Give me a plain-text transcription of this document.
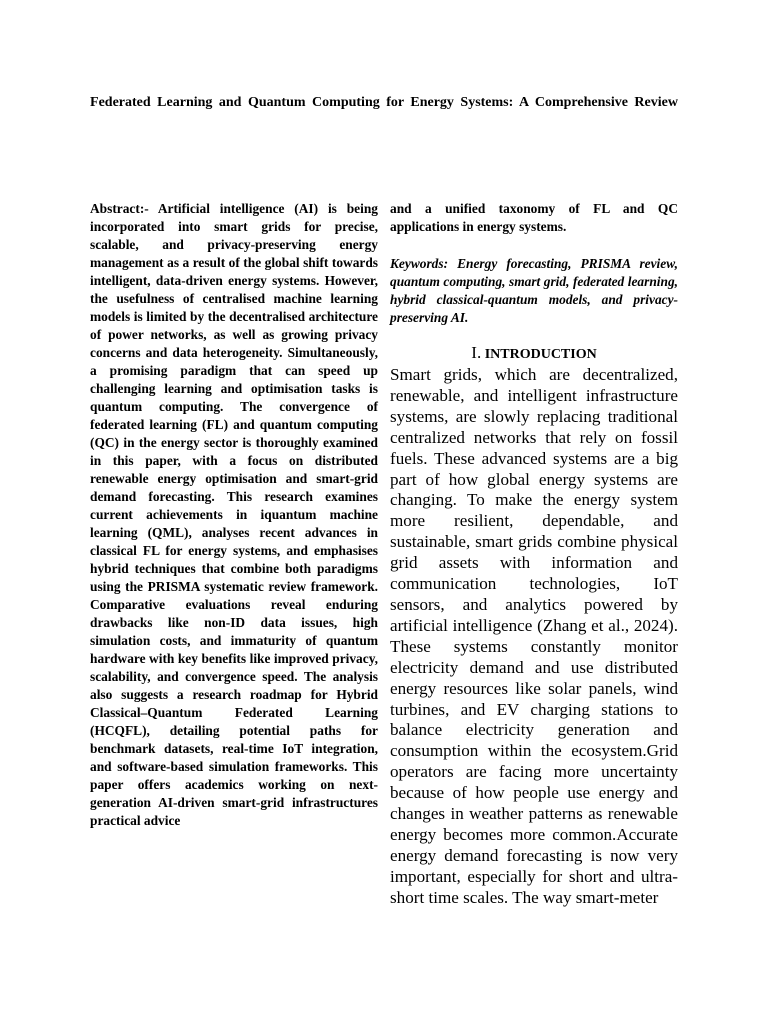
Federated Learning and Quantum Computing for Energy Systems: A Comprehensive Review

Abstract:- Artificial intelligence (AI) is being incorporated into smart grids for precise, scalable, and privacy-preserving energy management as a result of the global shift towards intelligent, data-driven energy systems. However, the usefulness of centralised machine learning models is limited by the decentralised architecture of power networks, as well as growing privacy concerns and data heterogeneity. Simultaneously, a promising paradigm that can speed up challenging learning and optimisation tasks is quantum computing. The convergence of federated learning (FL) and quantum computing (QC) in the energy sector is thoroughly examined in this paper, with a focus on distributed renewable energy optimisation and smart-grid demand forecasting. This research examines current achievements in iquantum machine learning (QML), analyses recent advances in classical FL for energy systems, and emphasises hybrid techniques that combine both paradigms using the PRISMA systematic review framework. Comparative evaluations reveal enduring drawbacks like non-ID data issues, high simulation costs, and immaturity of quantum hardware with key benefits like improved privacy, scalability, and convergence speed. The analysis also suggests a research roadmap for Hybrid Classical–Quantum Federated Learning (HCQFL), detailing potential paths for benchmark datasets, real-time IoT integration, and software-based simulation frameworks. This paper offers academics working on next-generation AI-driven smart-grid infrastructures practical advice

and a unified taxonomy of FL and QC applications in energy systems.

Keywords: Energy forecasting, PRISMA review, quantum computing, smart grid, federated learning, hybrid classical-quantum models, and privacy-preserving AI.

I. INTRODUCTION

Smart grids, which are decentralized, renewable, and intelligent infrastructure systems, are slowly replacing traditional centralized networks that rely on fossil fuels. These advanced systems are a big part of how global energy systems are changing. To make the energy system more resilient, dependable, and sustainable, smart grids combine physical grid assets with information and communication technologies, IoT sensors, and analytics powered by artificial intelligence (Zhang et al., 2024). These systems constantly monitor electricity demand and use distributed energy resources like solar panels, wind turbines, and EV charging stations to balance electricity generation and consumption within the ecosystem.Grid operators are facing more uncertainty because of how people use energy and changes in weather patterns as renewable energy becomes more common.Accurate energy demand forecasting is now very important, especially for short and ultra-short time scales. The way smart-meter
